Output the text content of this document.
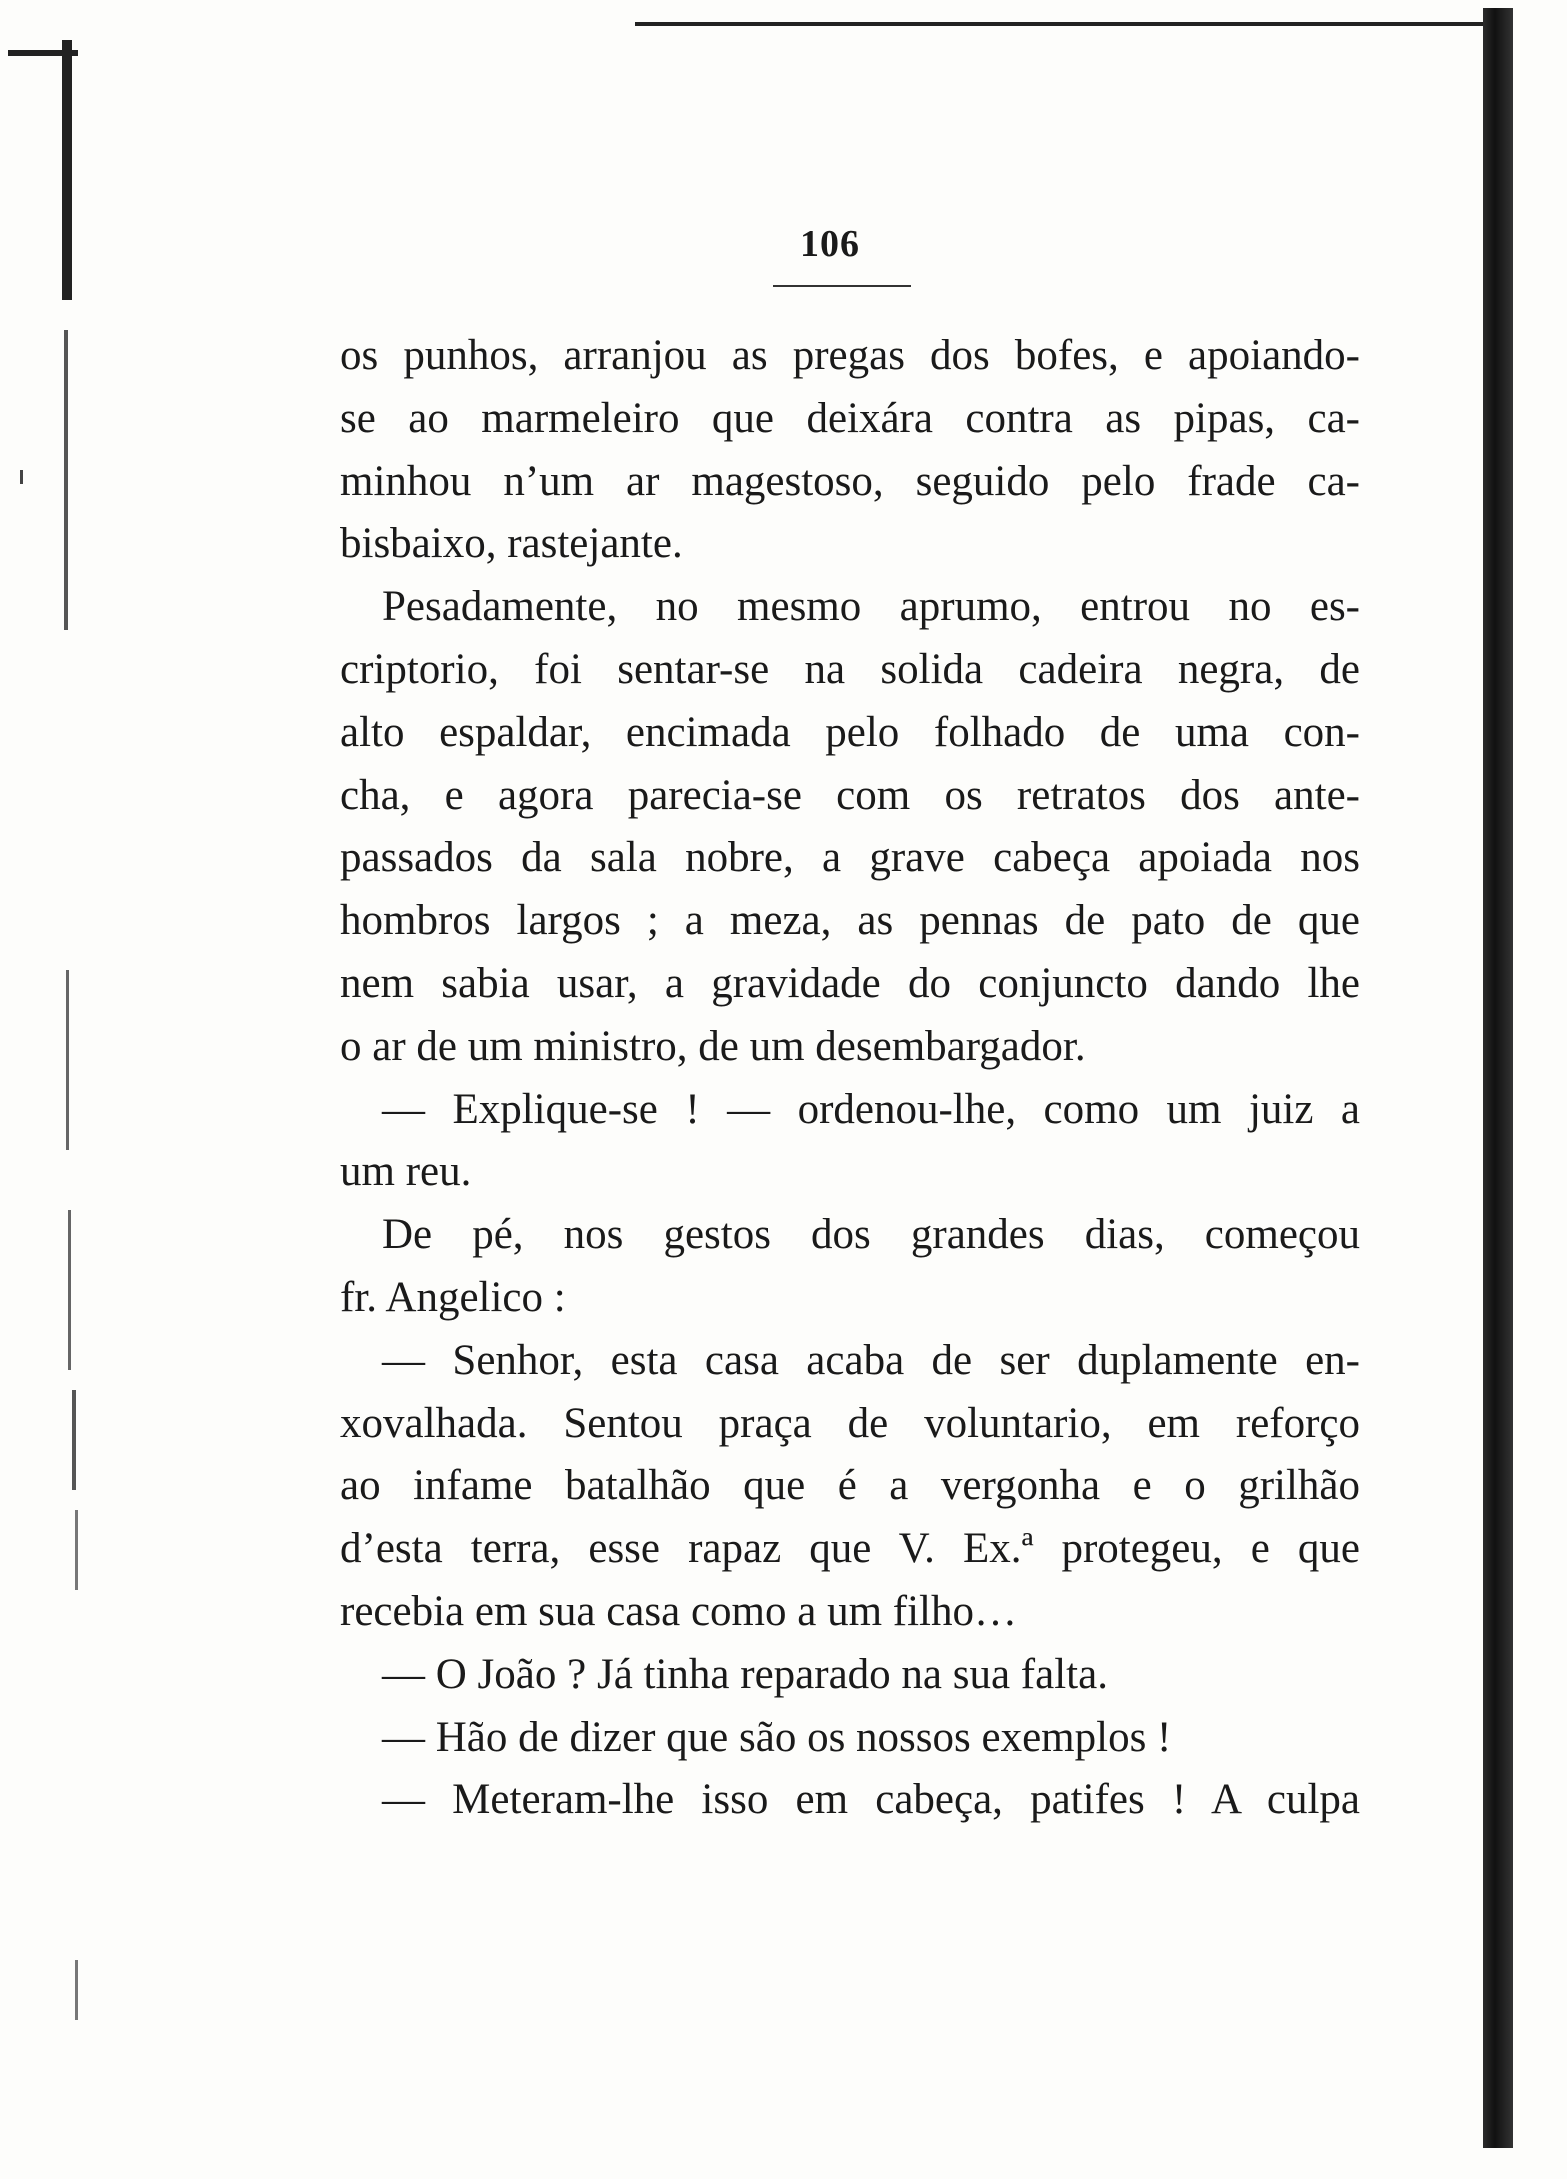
106
os punhos, arranjou as pregas dos bofes, e apoiando-
se ao marmeleiro que deixára contra as pipas, ca-
minhou n’um ar magestoso, seguido pelo frade ca-
bisbaixo, rastejante.
Pesadamente, no mesmo aprumo, entrou no es-
criptorio, foi sentar-se na solida cadeira negra, de
alto espaldar, encimada pelo folhado de uma con-
cha, e agora parecia-se com os retratos dos ante-
passados da sala nobre, a grave cabeça apoiada nos
hombros largos ; a meza, as pennas de pato de que
nem sabia usar, a gravidade do conjuncto dando lhe
o ar de um ministro, de um desembargador.
— Explique-se ! — ordenou-lhe, como um juiz a
um reu.
De pé, nos gestos dos grandes dias, começou
fr. Angelico :
— Senhor, esta casa acaba de ser duplamente en-
xovalhada. Sentou praça de voluntario, em reforço
ao infame batalhão que é a vergonha e o grilhão
d’esta terra, esse rapaz que V. Ex.ª protegeu, e que
recebia em sua casa como a um filho…
— O João ? Já tinha reparado na sua falta.
— Hão de dizer que são os nossos exemplos !
— Meteram-lhe isso em cabeça, patifes ! A culpa
